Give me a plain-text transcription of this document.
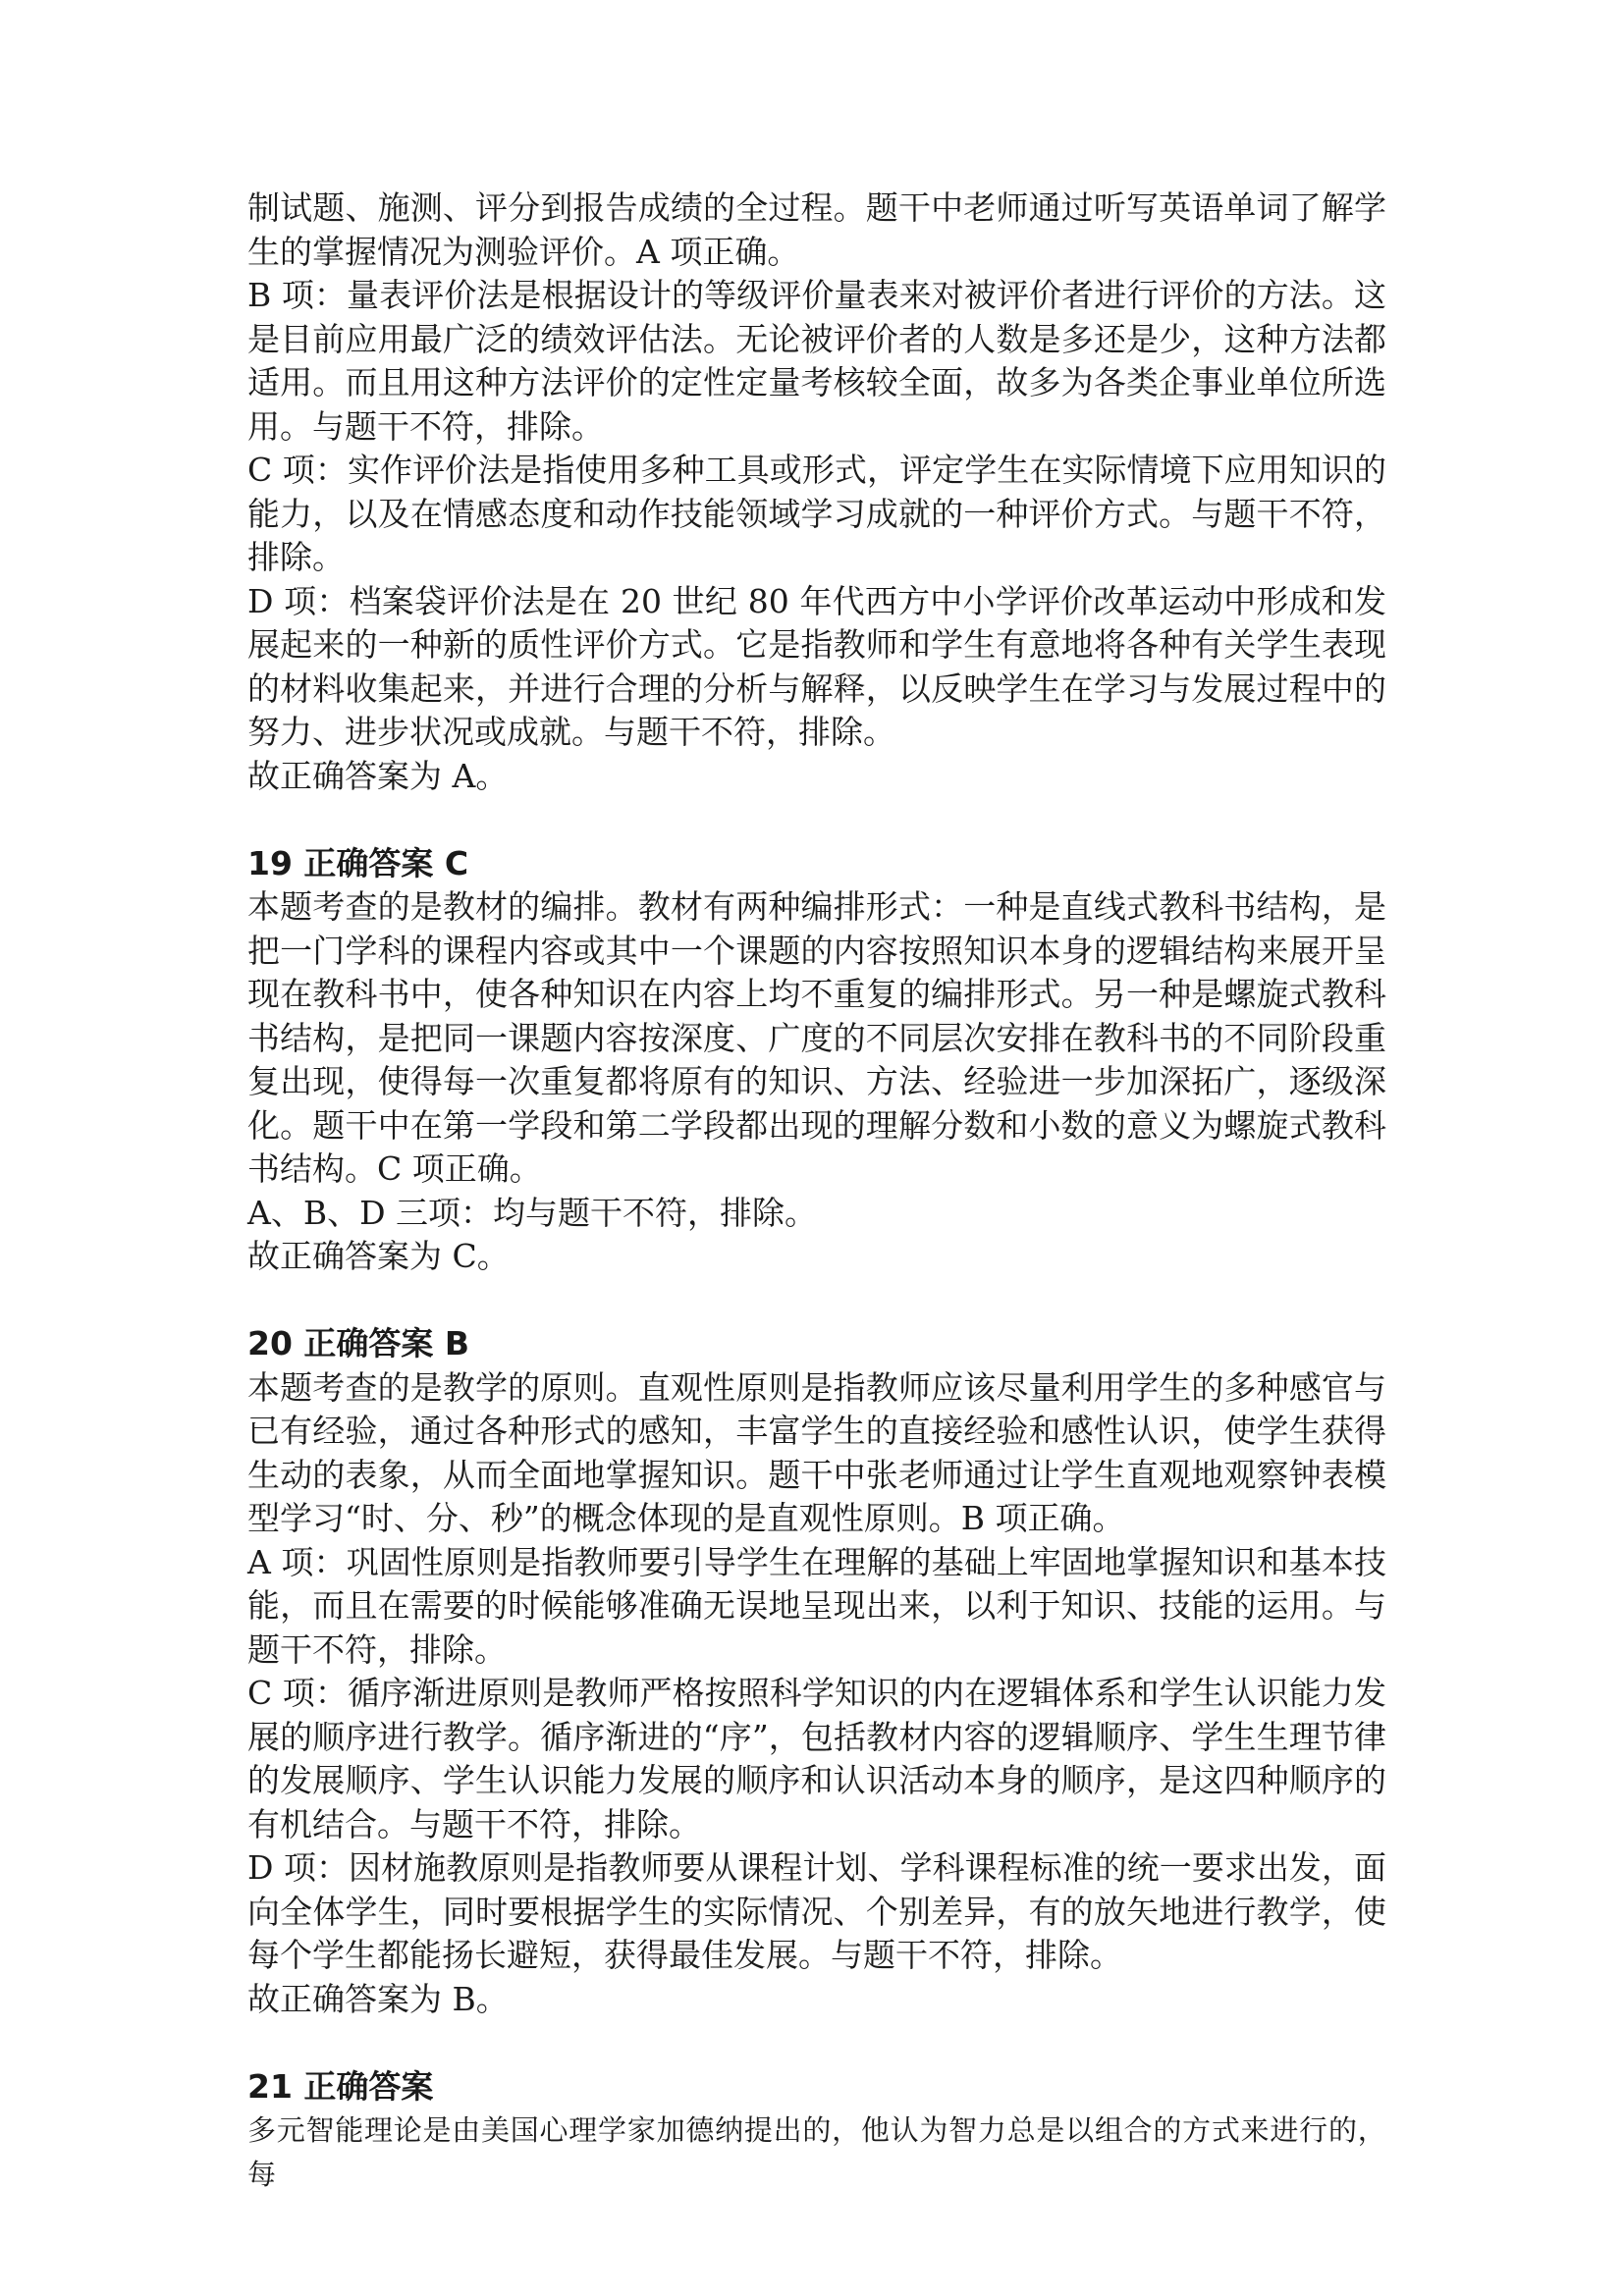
制试题、施测、评分到报告成绩的全过程。题干中老师通过听写英语单词了解学生的掌握情况为测验评价。A 项正确。

B 项：量表评价法是根据设计的等级评价量表来对被评价者进行评价的方法。这是目前应用最广泛的绩效评估法。无论被评价者的人数是多还是少，这种方法都适用。而且用这种方法评价的定性定量考核较全面，故多为各类企事业单位所选用。与题干不符，排除。

C 项：实作评价法是指使用多种工具或形式，评定学生在实际情境下应用知识的能力，以及在情感态度和动作技能领域学习成就的一种评价方式。与题干不符，排除。

D 项：档案袋评价法是在 20 世纪 80 年代西方中小学评价改革运动中形成和发展起来的一种新的质性评价方式。它是指教师和学生有意地将各种有关学生表现的材料收集起来，并进行合理的分析与解释，以反映学生在学习与发展过程中的努力、进步状况或成就。与题干不符，排除。

故正确答案为 A。

19 正确答案 C

本题考查的是教材的编排。教材有两种编排形式：一种是直线式教科书结构，是把一门学科的课程内容或其中一个课题的内容按照知识本身的逻辑结构来展开呈现在教科书中，使各种知识在内容上均不重复的编排形式。另一种是螺旋式教科书结构，是把同一课题内容按深度、广度的不同层次安排在教科书的不同阶段重复出现，使得每一次重复都将原有的知识、方法、经验进一步加深拓广，逐级深化。题干中在第一学段和第二学段都出现的理解分数和小数的意义为螺旋式教科书结构。C 项正确。

A、B、D 三项：均与题干不符，排除。

故正确答案为 C。

20 正确答案 B

本题考查的是教学的原则。直观性原则是指教师应该尽量利用学生的多种感官与已有经验，通过各种形式的感知，丰富学生的直接经验和感性认识，使学生获得生动的表象，从而全面地掌握知识。题干中张老师通过让学生直观地观察钟表模型学习“时、分、秒”的概念体现的是直观性原则。B 项正确。

A 项：巩固性原则是指教师要引导学生在理解的基础上牢固地掌握知识和基本技能，而且在需要的时候能够准确无误地呈现出来，以利于知识、技能的运用。与题干不符，排除。

C 项：循序渐进原则是教师严格按照科学知识的内在逻辑体系和学生认识能力发展的顺序进行教学。循序渐进的“序”，包括教材内容的逻辑顺序、学生生理节律的发展顺序、学生认识能力发展的顺序和认识活动本身的顺序，是这四种顺序的有机结合。与题干不符，排除。

D 项：因材施教原则是指教师要从课程计划、学科课程标准的统一要求出发，面向全体学生，同时要根据学生的实际情况、个别差异，有的放矢地进行教学，使每个学生都能扬长避短，获得最佳发展。与题干不符，排除。

故正确答案为 B。

21 正确答案

多元智能理论是由美国心理学家加德纳提出的，他认为智力总是以组合的方式来进行的，每
